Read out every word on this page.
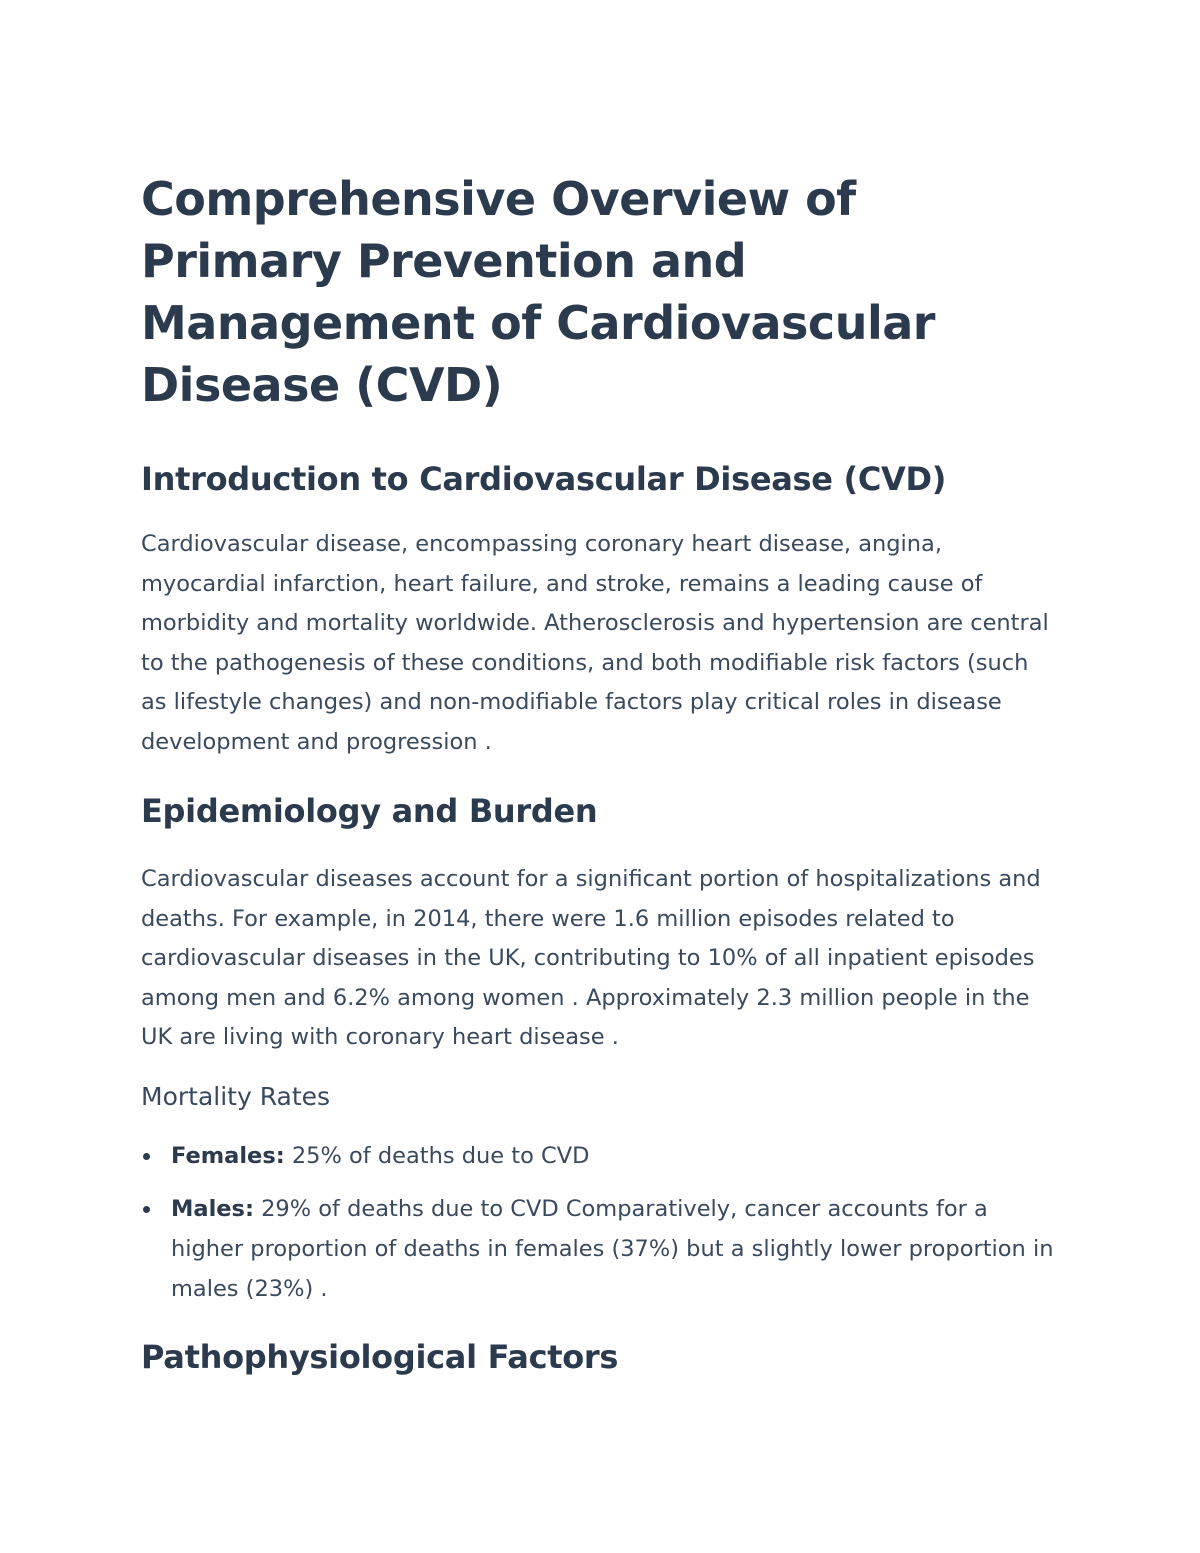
Comprehensive Overview of Primary Prevention and Management of Cardiovascular Disease (CVD)
Introduction to Cardiovascular Disease (CVD)

Cardiovascular disease, encompassing coronary heart disease, angina, myocardial infarction, heart failure, and stroke, remains a leading cause of morbidity and mortality worldwide. Atherosclerosis and hypertension are central to the pathogenesis of these conditions, and both modifiable risk factors (such as lifestyle changes) and non-modifiable factors play critical roles in disease development and progression .

Epidemiology and Burden

Cardiovascular diseases account for a significant portion of hospitalizations and deaths. For example, in 2014, there were 1.6 million episodes related to cardiovascular diseases in the UK, contributing to 10% of all inpatient episodes among men and 6.2% among women . Approximately 2.3 million people in the UK are living with coronary heart disease .

Mortality Rates
Females: 25% of deaths due to CVD
Males: 29% of deaths due to CVD Comparatively, cancer accounts for a higher proportion of deaths in females (37%) but a slightly lower proportion in males (23%) .
Pathophysiological Factors
